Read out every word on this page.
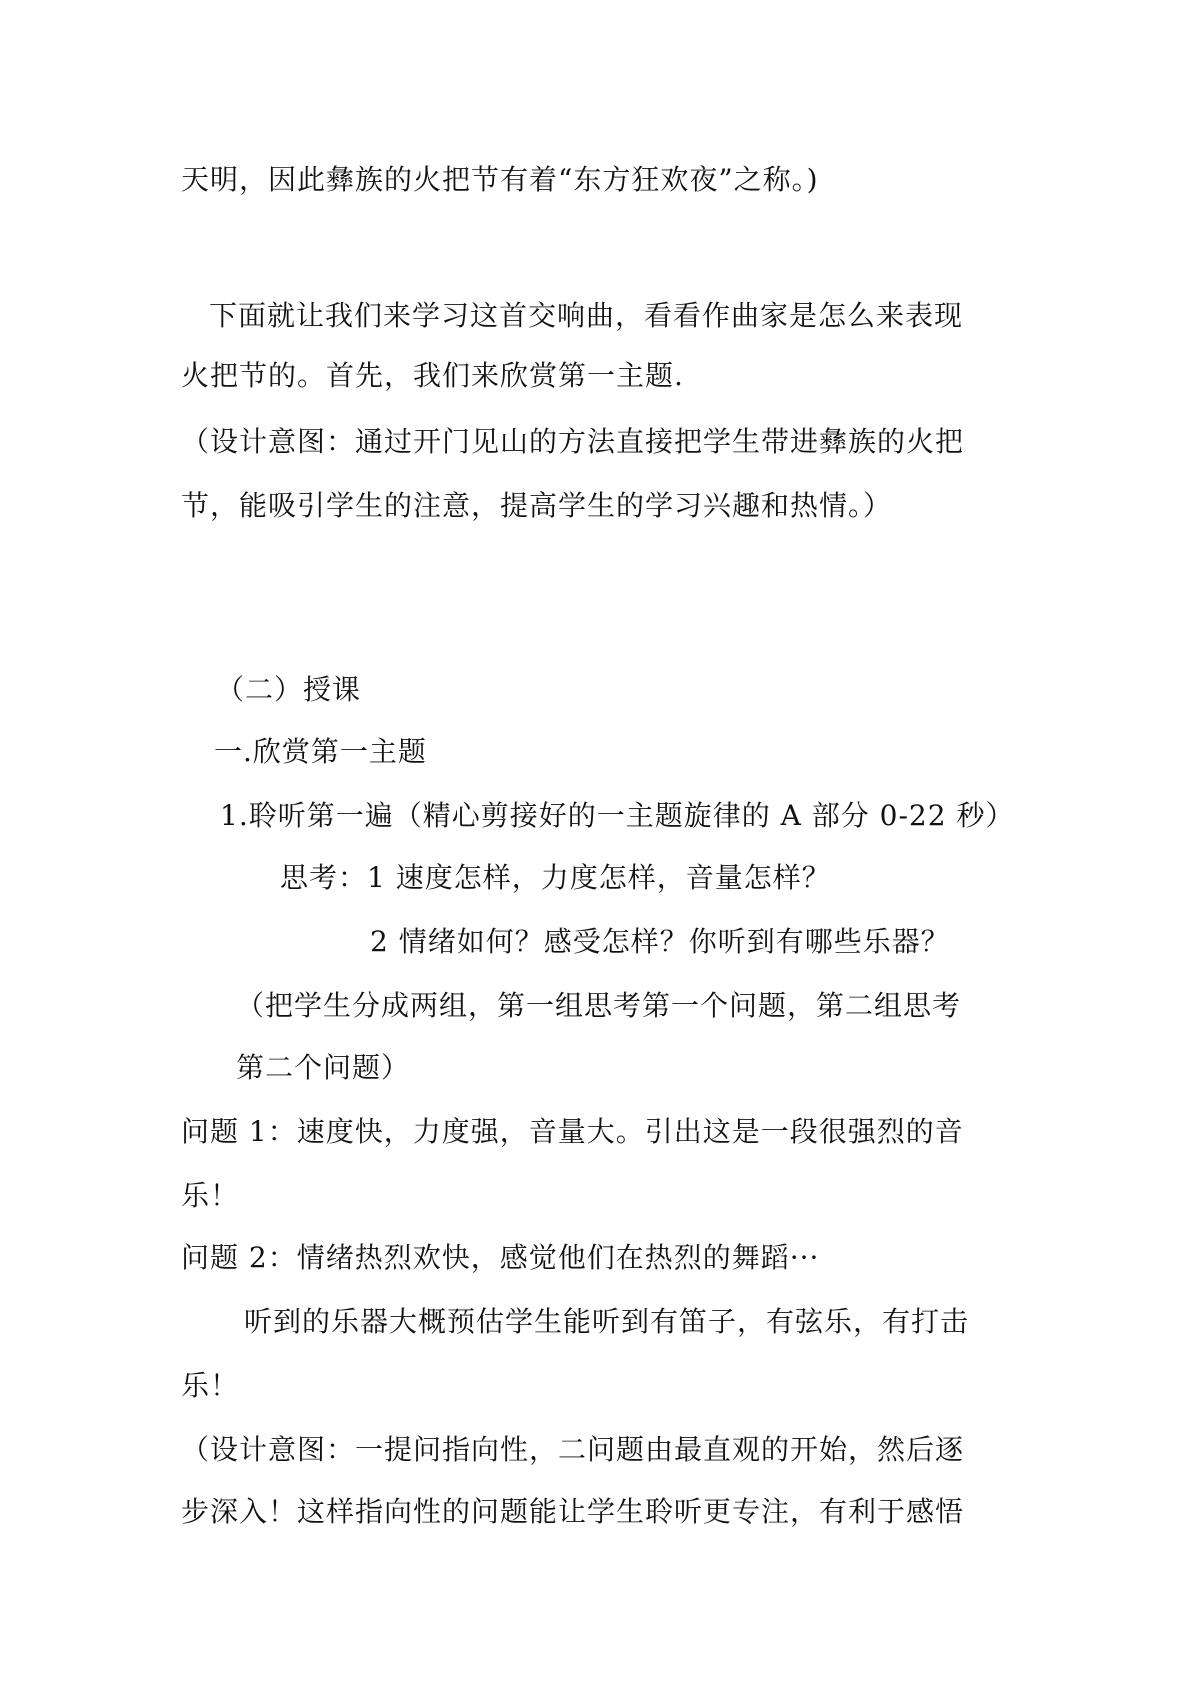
天明，因此彝族的火把节有着“东方狂欢夜”之称。)
下面就让我们来学习这首交响曲，看看作曲家是怎么来表现
火把节的。首先，我们来欣赏第一主题.
（设计意图：通过开门见山的方法直接把学生带进彝族的火把
节，能吸引学生的注意，提高学生的学习兴趣和热情。）
（二）授课
一.欣赏第一主题
1.聆听第一遍（精心剪接好的一主题旋律的 A 部分 0-22 秒）
思考：1 速度怎样，力度怎样，音量怎样？
2 情绪如何？感受怎样？你听到有哪些乐器？
（把学生分成两组，第一组思考第一个问题，第二组思考
第二个问题）
问题 1：速度快，力度强，音量大。引出这是一段很强烈的音
乐！
问题 2：情绪热烈欢快，感觉他们在热烈的舞蹈···
听到的乐器大概预估学生能听到有笛子，有弦乐，有打击
乐！
（设计意图：一提问指向性，二问题由最直观的开始，然后逐
步深入！这样指向性的问题能让学生聆听更专注，有利于感悟
